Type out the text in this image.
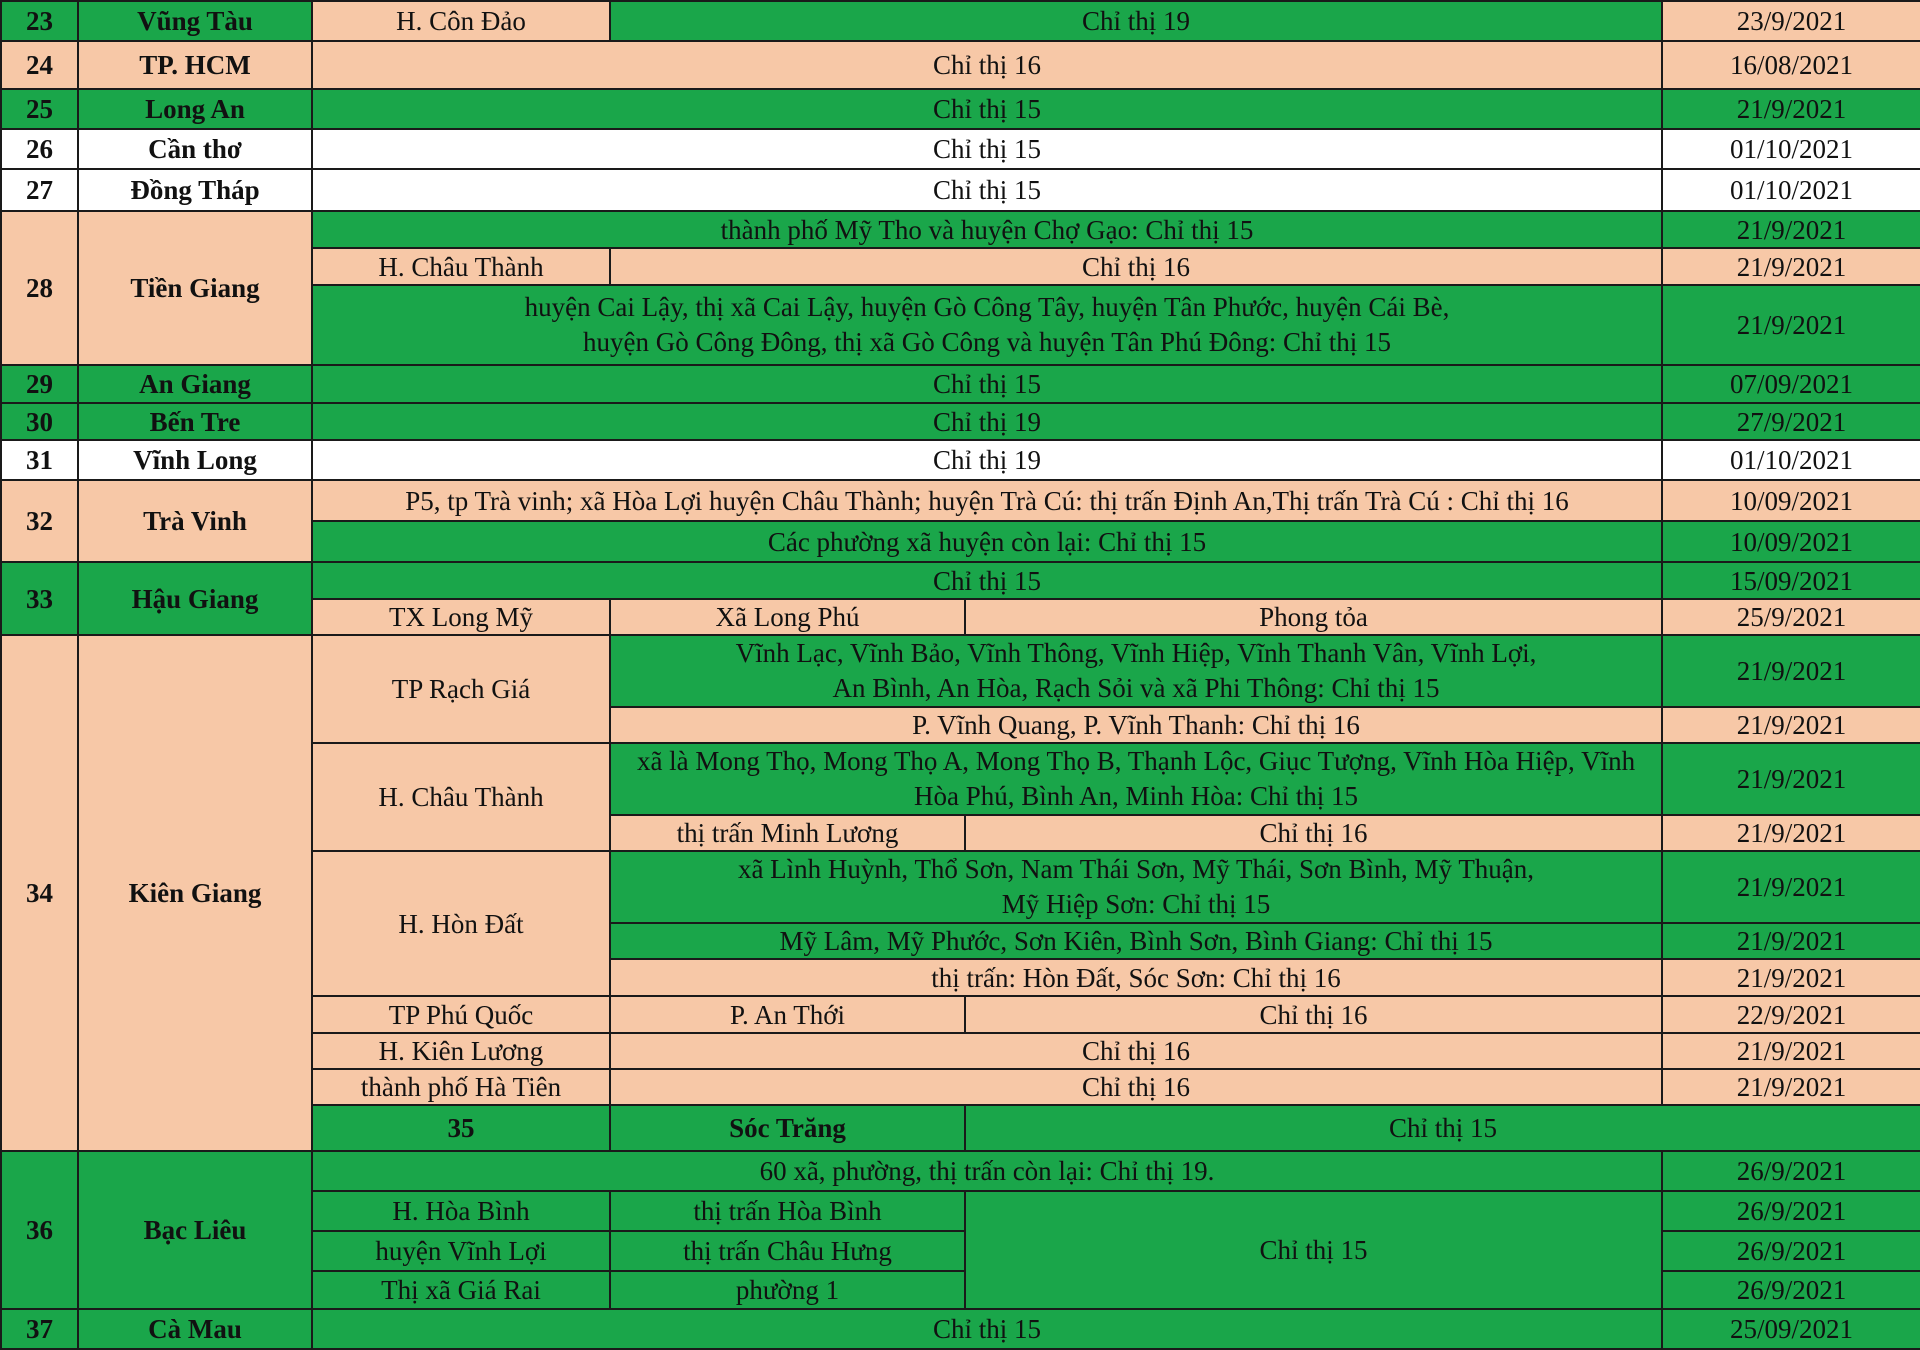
23	Vũng Tàu	H. Côn Đảo	Chỉ thị 19		23/9/2021	
24	TP. HCM	Chỉ thị 16			16/08/2021	
25	Long An	Chỉ thị 15			21/9/2021	
26	Cần thơ	Chỉ thị 15			01/10/2021	
27	Đồng Tháp	Chỉ thị 15			01/10/2021	
28	Tiền Giang	thành phố Mỹ Tho và huyện Chợ Gạo: Chỉ thị 15			21/9/2021	
		H. Châu Thành	Chỉ thị 16		21/9/2021	

		huyện Cai Lậy, thị xã Cai Lậy, huyện Gò Công Tây, huyện Tân Phước, huyện Cái Bè,
huyện Gò Công Đông, thị xã Gò Công và huyện Tân Phú Đông: Chỉ thị 15			21/9/2021	
29	An Giang	Chỉ thị 15			07/09/2021	
30	Bến Tre	Chỉ thị 19			27/9/2021	
31	Vĩnh Long	Chỉ thị 19			01/10/2021	
32	Trà Vinh	P5, tp Trà vinh; xã Hòa Lợi huyện Châu Thành; huyện Trà Cú: thị trấn Định An,Thị trấn Trà Cú : Chỉ thị 16			10/09/2021	
		Các phường xã huyện còn lại: Chỉ thị 15			10/09/2021	
33	Hậu Giang	Chỉ thị 15			15/09/2021	
		TX Long Mỹ	Xã Long Phú	Phong tỏa	25/9/2021	
34	Kiên Giang	TP Rạch Giá	Vĩnh Lạc, Vĩnh Bảo, Vĩnh Thông, Vĩnh Hiệp, Vĩnh Thanh Vân, Vĩnh Lợi,
An Bình, An Hòa, Rạch Sỏi và xã Phi Thông: Chỉ thị 15		21/9/2021	
			P. Vĩnh Quang, P. Vĩnh Thanh: Chỉ thị 16		21/9/2021	
		H. Châu Thành	xã là Mong Thọ, Mong Thọ A, Mong Thọ B, Thạnh Lộc, Giục Tượng, Vĩnh Hòa Hiệp, Vĩnh
Hòa Phú, Bình An, Minh Hòa: Chỉ thị 15		21/9/2021	
			thị trấn Minh Lương	Chỉ thị 16	21/9/2021	
		H. Hòn Đất	xã Lình Huỳnh, Thổ Sơn, Nam Thái Sơn, Mỹ Thái, Sơn Bình, Mỹ Thuận,
Mỹ Hiệp Sơn: Chỉ thị 15		21/9/2021	
			Mỹ Lâm, Mỹ Phước, Sơn Kiên, Bình Sơn, Bình Giang: Chỉ thị 15		21/9/2021	
			thị trấn: Hòn Đất, Sóc Sơn: Chỉ thị 16		21/9/2021	
		TP Phú Quốc	P. An Thới	Chỉ thị 16	22/9/2021	
		H. Kiên Lương	Chỉ thị 16		21/9/2021	
		thành phố Hà Tiên	Chỉ thị 16		21/9/2021	
		35	Sóc Trăng	Chỉ thị 15	
36	Bạc Liêu	60 xã, phường, thị trấn còn lại: Chỉ thị 19.			26/9/2021	
		H. Hòa Bình	thị trấn Hòa Bình	Chỉ thị 15	26/9/2021	
		huyện Vĩnh Lợi	thị trấn Châu Hưng		26/9/2021	
		Thị xã Giá Rai	phường 1		26/9/2021	
37	Cà Mau	Chỉ thị 15			25/09/2021	
